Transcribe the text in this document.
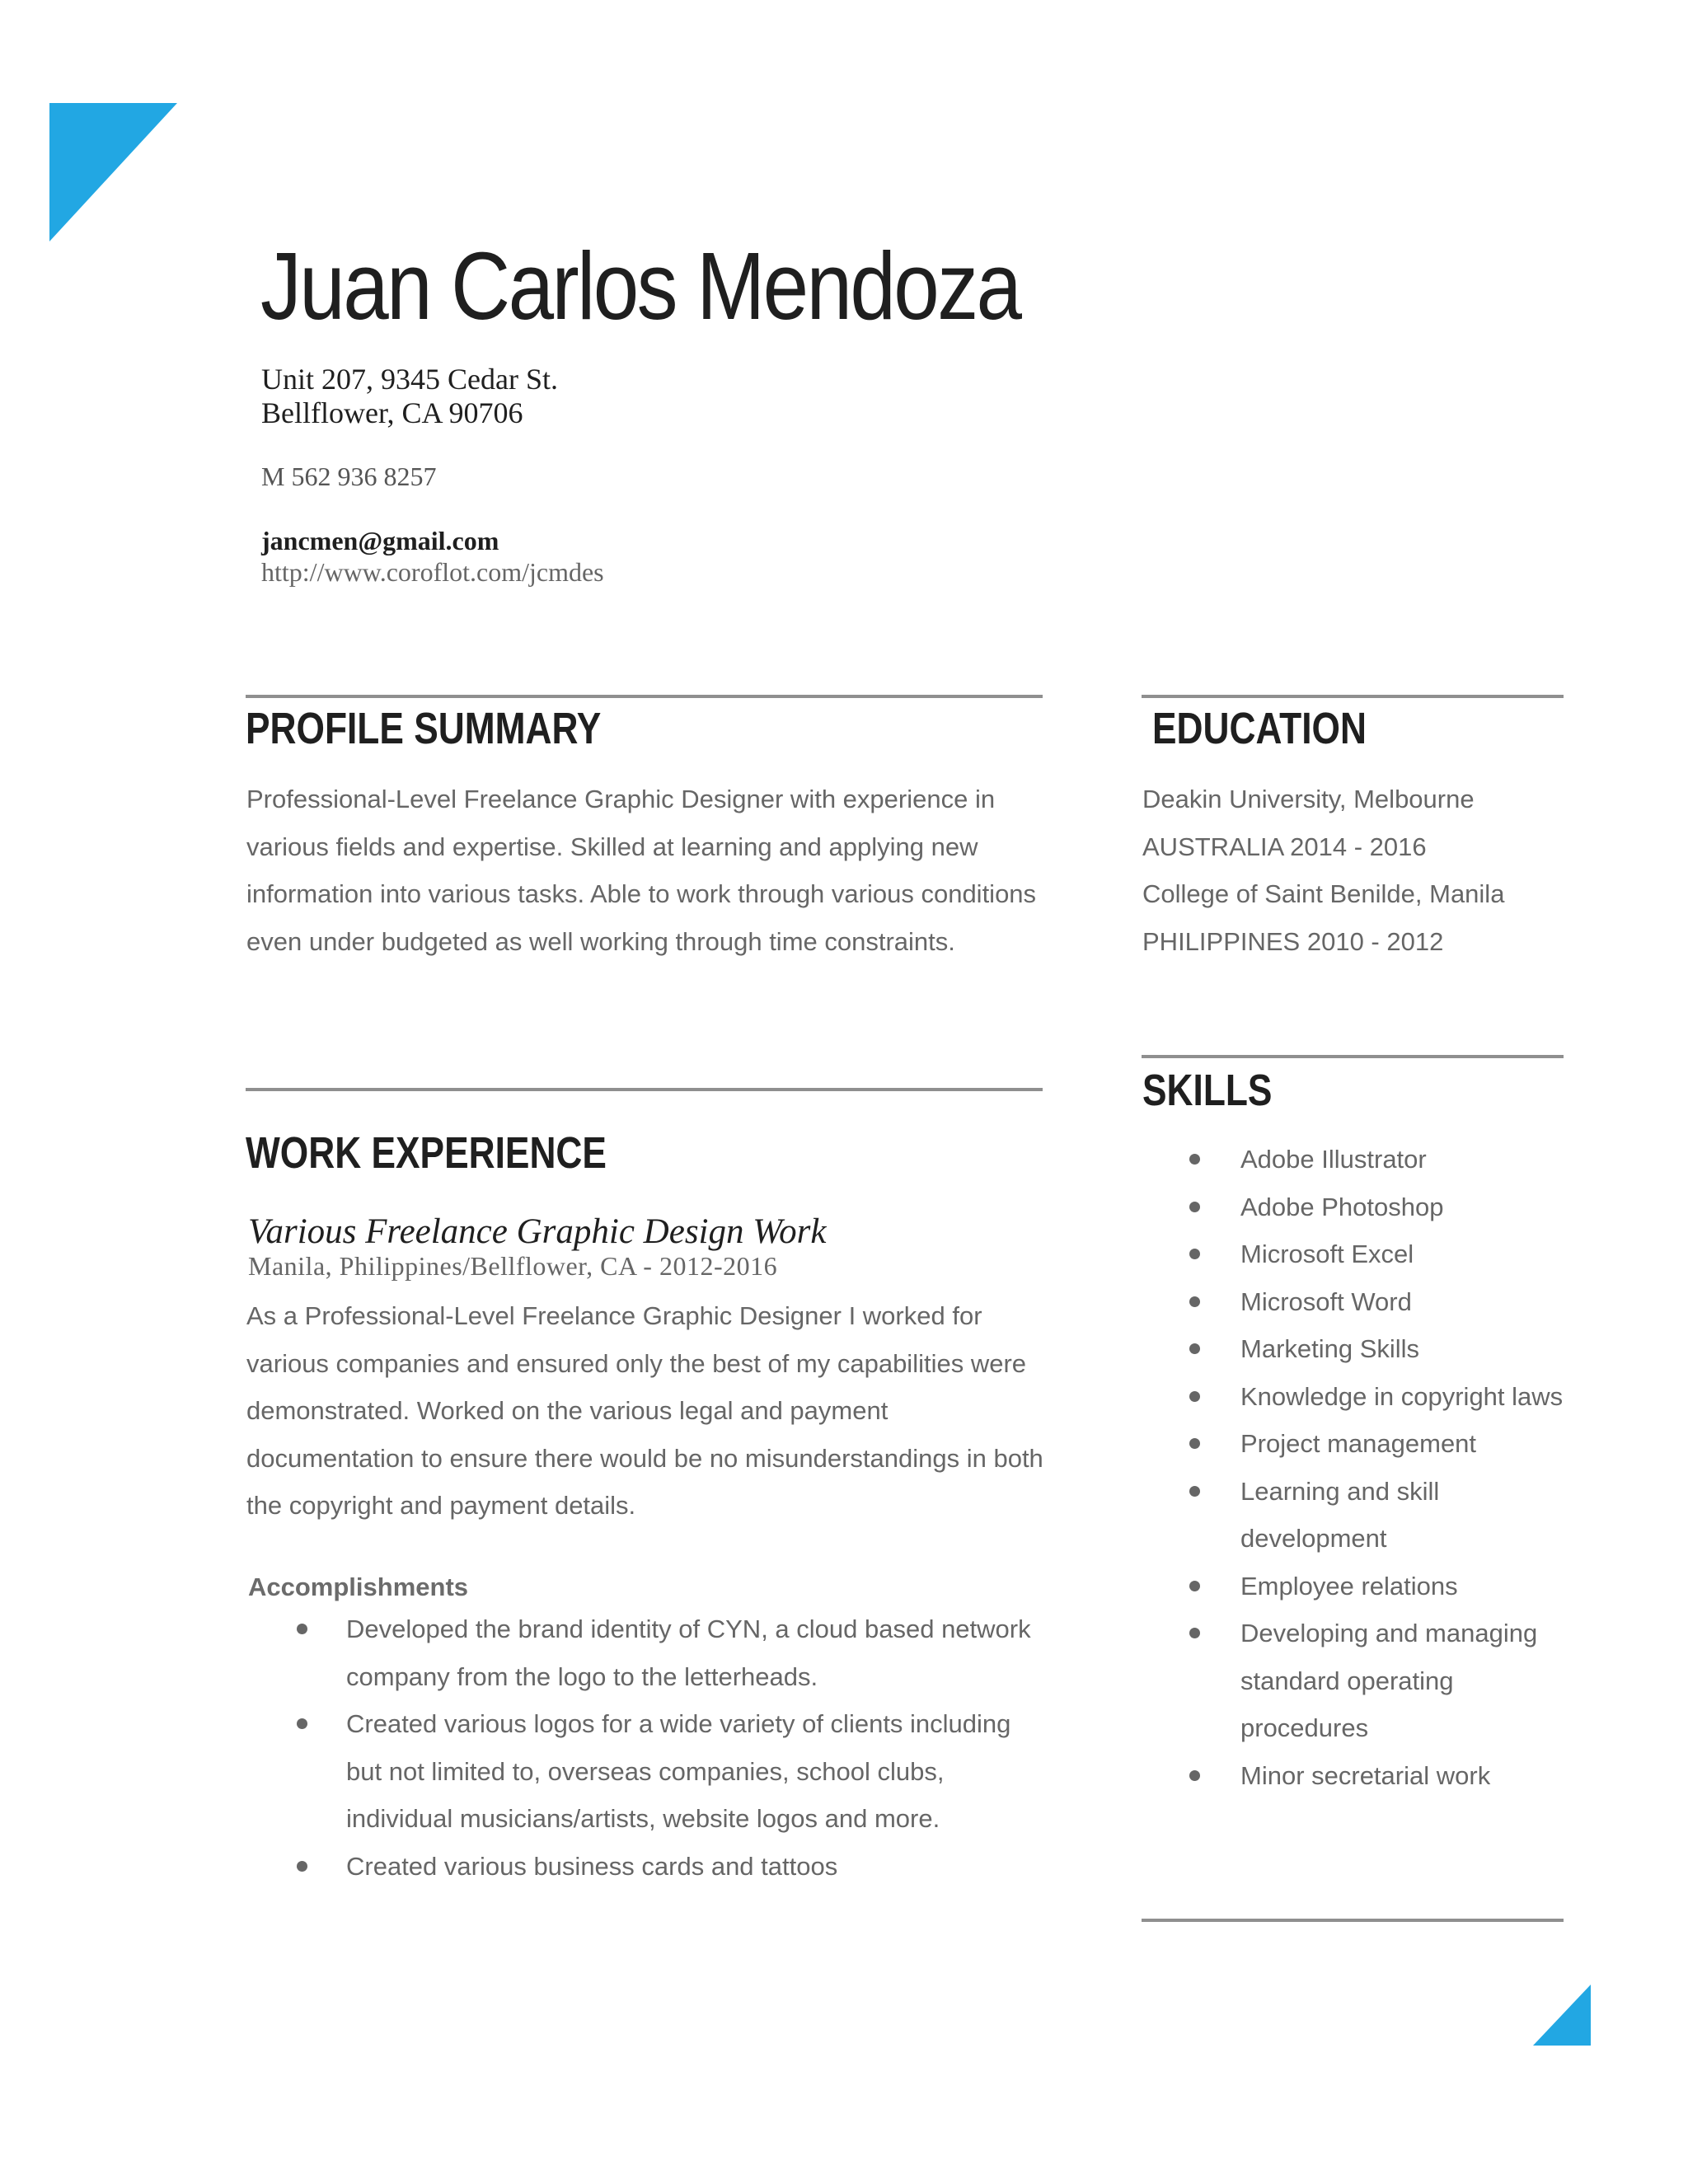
Juan Carlos Mendoza
Unit 207, 9345 Cedar St.
Bellflower, CA 90706
M 562 936 8257
jancmen@gmail.com
http://www.coroflot.com/jcmdes
PROFILE SUMMARY

Professional-Level Freelance Graphic Designer with experience in various fields and expertise. Skilled at learning and applying new information into various tasks. Able to work through various conditions even under budgeted as well working through time constraints.

WORK EXPERIENCE
Various Freelance Graphic Design Work
Manila, Philippines/Bellflower, CA - 2012-2016

As a Professional-Level Freelance Graphic Designer I worked for various companies and ensured only the best of my capabilities were demonstrated. Worked on the various legal and payment documentation to ensure there would be no misunderstandings in both the copyright and payment details.

Accomplishments
Developed the brand identity of CYN, a cloud based network company from the logo to the letterheads.
Created various logos for a wide variety of clients including but not limited to, overseas companies, school clubs, individual musicians/artists, website logos and more.
Created various business cards and tattoos
EDUCATION
Deakin University, Melbourne
AUSTRALIA 2014 - 2016
College of Saint Benilde, Manila
PHILIPPINES 2010 - 2012
SKILLS
Adobe Illustrator
Adobe Photoshop
Microsoft Excel
Microsoft Word
Marketing Skills
Knowledge in copyright laws
Project management
Learning and skill development
Employee relations
Developing and managing standard operating procedures
Minor secretarial work
